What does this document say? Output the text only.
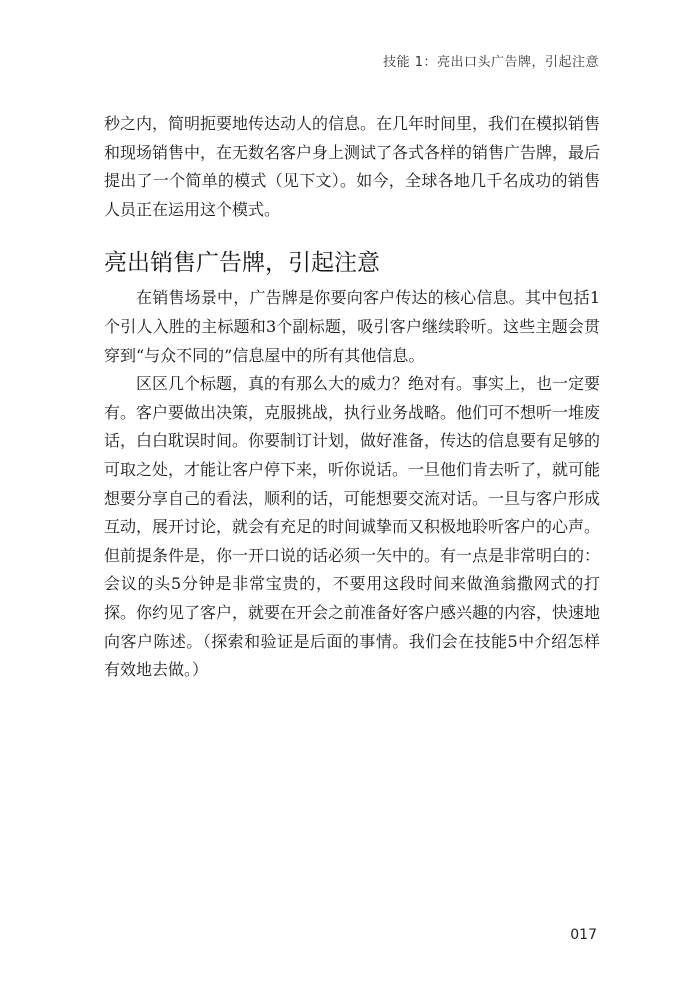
技能 1：亮出口头广告牌，引起注意

秒之内，简明扼要地传达动人的信息。在几年时间里，我们在模拟销售和现场销售中，在无数名客户身上测试了各式各样的销售广告牌，最后提出了一个简单的模式（见下文）。如今，全球各地几千名成功的销售人员正在运用这个模式。

亮出销售广告牌，引起注意

在销售场景中，广告牌是你要向客户传达的核心信息。其中包括1个引人入胜的主标题和3个副标题，吸引客户继续聆听。这些主题会贯穿到“与众不同的”信息屋中的所有其他信息。

区区几个标题，真的有那么大的威力？绝对有。事实上，也一定要有。客户要做出决策，克服挑战，执行业务战略。他们可不想听一堆废话，白白耽误时间。你要制订计划，做好准备，传达的信息要有足够的可取之处，才能让客户停下来，听你说话。一旦他们肯去听了，就可能想要分享自己的看法，顺利的话，可能想要交流对话。一旦与客户形成互动，展开讨论，就会有充足的时间诚挚而又积极地聆听客户的心声。但前提条件是，你一开口说的话必须一矢中的。有一点是非常明白的：会议的头5分钟是非常宝贵的，不要用这段时间来做渔翁撒网式的打探。你约见了客户，就要在开会之前准备好客户感兴趣的内容，快速地向客户陈述。（探索和验证是后面的事情。我们会在技能5中介绍怎样有效地去做。）

017
